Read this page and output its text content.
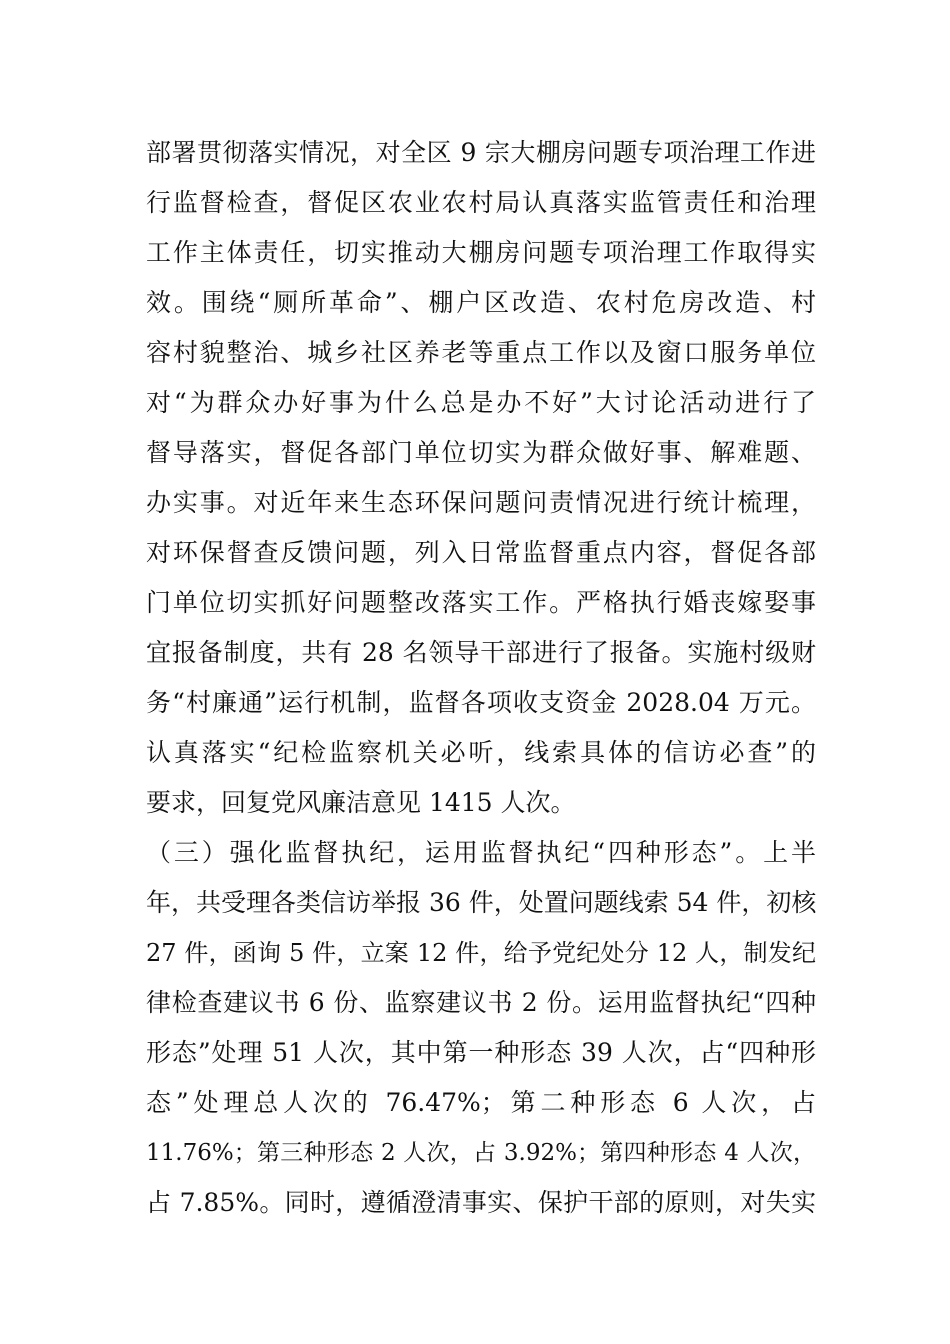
部署贯彻落实情况，对全区 9 宗大棚房问题专项治理工作进
行监督检查，督促区农业农村局认真落实监管责任和治理
工作主体责任，切实推动大棚房问题专项治理工作取得实
效。围绕“厕所革命”、棚户区改造、农村危房改造、村
容村貌整治、城乡社区养老等重点工作以及窗口服务单位
对“为群众办好事为什么总是办不好”大讨论活动进行了
督导落实，督促各部门单位切实为群众做好事、解难题、
办实事。对近年来生态环保问题问责情况进行统计梳理，
对环保督查反馈问题，列入日常监督重点内容，督促各部
门单位切实抓好问题整改落实工作。严格执行婚丧嫁娶事
宜报备制度，共有 28 名领导干部进行了报备。实施村级财
务“村廉通”运行机制，监督各项收支资金 2028.04 万元。
认真落实“纪检监察机关必听，线索具体的信访必查”的
要求，回复党风廉洁意见 1415 人次。
（三）强化监督执纪，运用监督执纪“四种形态”。上半
年，共受理各类信访举报 36 件，处置问题线索 54 件，初核
27 件，函询 5 件，立案 12 件，给予党纪处分 12 人，制发纪
律检查建议书 6 份、监察建议书 2 份。运用监督执纪“四种
形态”处理 51 人次，其中第一种形态 39 人次，占“四种形
态”处理总人次的 76.47%；第二种形态 6 人次，占
11.76%；第三种形态 2 人次，占 3.92%；第四种形态 4 人次，
占 7.85%。同时，遵循澄清事实、保护干部的原则，对失实
